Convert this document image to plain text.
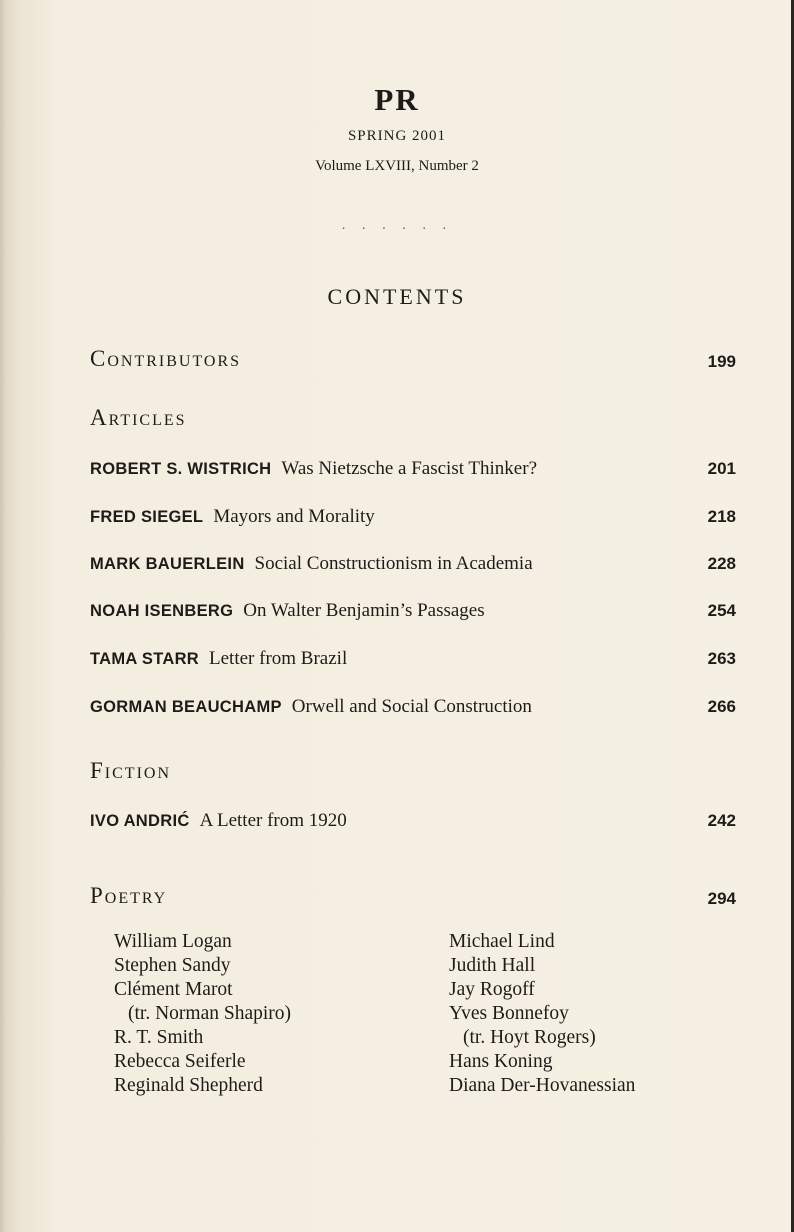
PR
SPRING 2001
Volume LXVIII, Number 2
· · · · · ·
CONTENTS
Contributors	199
Articles
ROBERT S. WISTRICH Was Nietzsche a Fascist Thinker?	201
FRED SIEGEL Mayors and Morality	218
MARK BAUERLEIN Social Constructionism in Academia	228
NOAH ISENBERG On Walter Benjamin’s Passages	254
TAMA STARR Letter from Brazil	263
GORMAN BEAUCHAMP Orwell and Social Construction	266
Fiction
IVO ANDRIĆ A Letter from 1920	242
Poetry	294
William Logan
Stephen Sandy
Clément Marot
(tr. Norman Shapiro)
R. T. Smith
Rebecca Seiferle
Reginald Shepherd
Michael Lind
Judith Hall
Jay Rogoff
Yves Bonnefoy
(tr. Hoyt Rogers)
Hans Koning
Diana Der-Hovanessian
